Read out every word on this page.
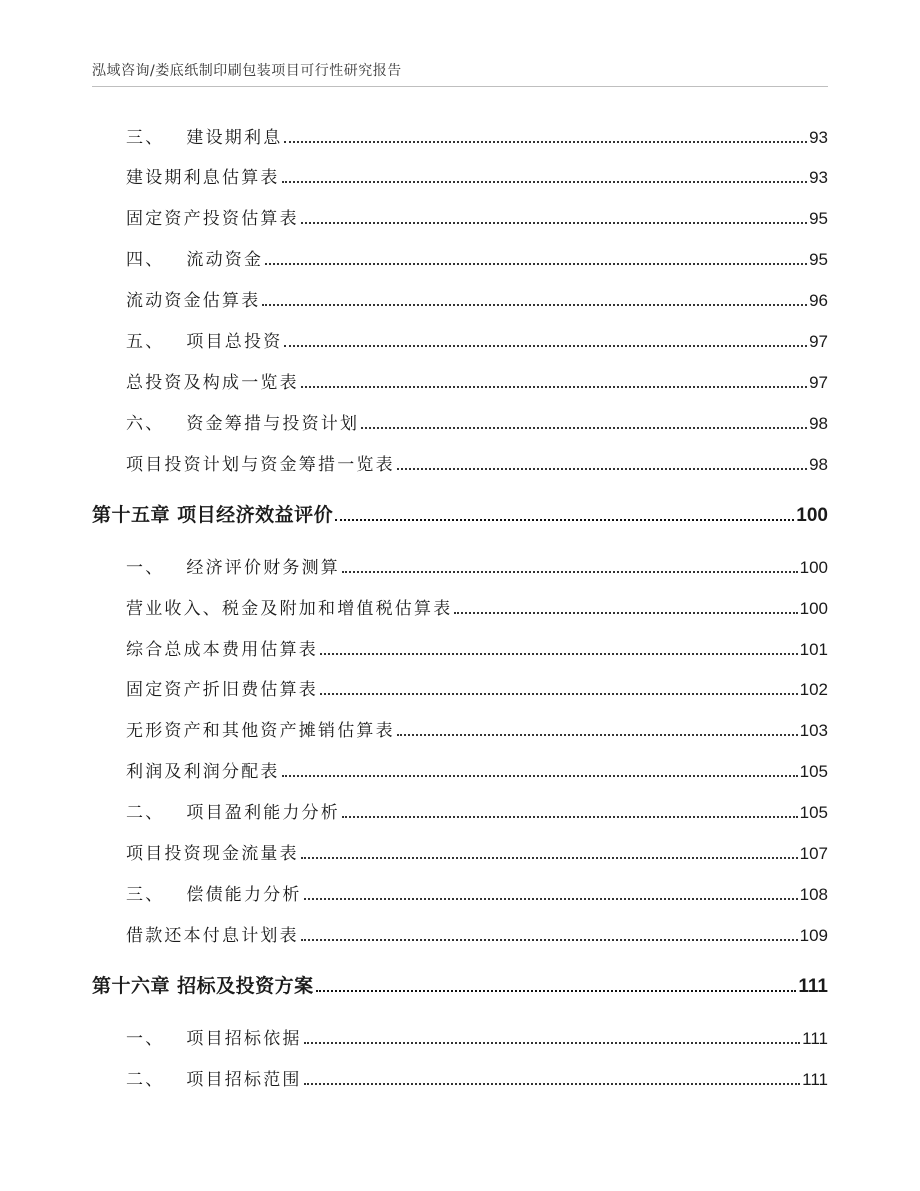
泓域咨询/娄底纸制印刷包装项目可行性研究报告
三、 建设期利息	93
建设期利息估算表	93
固定资产投资估算表	95
四、 流动资金	95
流动资金估算表	96
五、 项目总投资	97
总投资及构成一览表	97
六、 资金筹措与投资计划	98
项目投资计划与资金筹措一览表	98
第十五章 项目经济效益评价	100
一、 经济评价财务测算	100
营业收入、税金及附加和增值税估算表	100
综合总成本费用估算表	101
固定资产折旧费估算表	102
无形资产和其他资产摊销估算表	103
利润及利润分配表	105
二、 项目盈利能力分析	105
项目投资现金流量表	107
三、 偿债能力分析	108
借款还本付息计划表	109
第十六章 招标及投资方案	111
一、 项目招标依据	111
二、 项目招标范围	111
